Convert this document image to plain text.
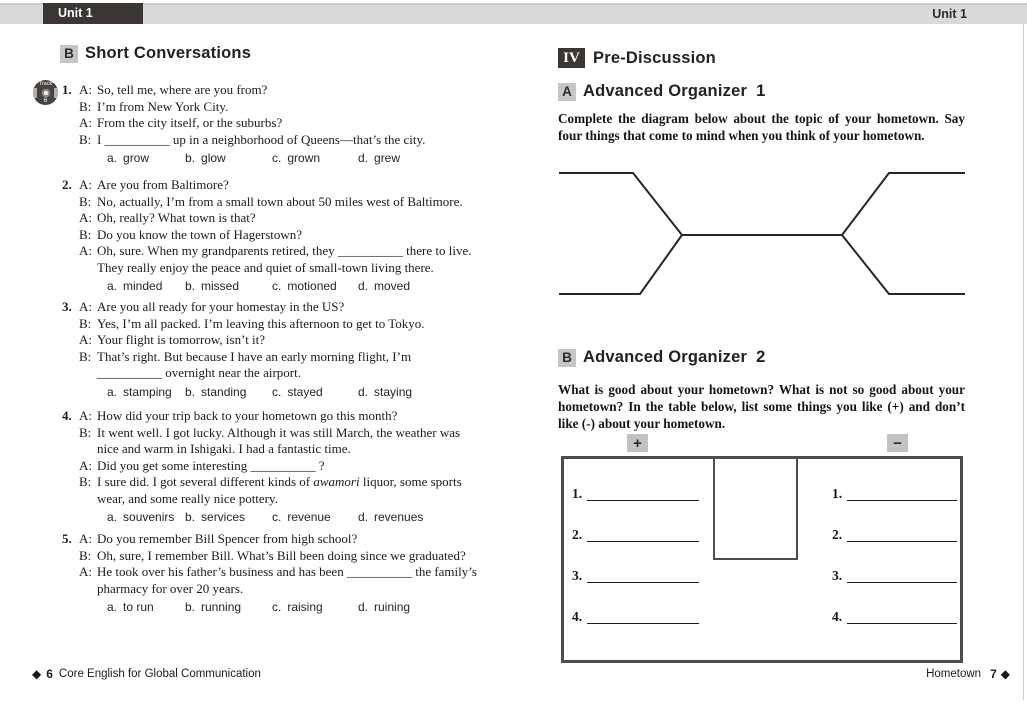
Unit 1	Unit 1
B Short Conversations
Track
6
1. A: So, tell me, where are you from?
B: I’m from New York City.
A: From the city itself, or the suburbs?
B: I __________ up in a neighborhood of Queens—that’s the city.
a. grow	b. glow	c. grown	d. grew
2. A: Are you from Baltimore?
B: No, actually, I’m from a small town about 50 miles west of Baltimore.
A: Oh, really? What town is that?
B: Do you know the town of Hagerstown?
A: Oh, sure. When my grandparents retired, they __________ there to live.
They really enjoy the peace and quiet of small-town living there.
a. minded b. missed	c. motioned d. moved
3. A: Are you all ready for your homestay in the US?
B: Yes, I’m all packed. I’m leaving this afternoon to get to Tokyo.
A: Your flight is tomorrow, isn’t it?
B: That’s right. But because I have an early morning flight, I’m
__________ overnight near the airport.
a. stamping b. standing c. stayed	d. staying
4. A: How did your trip back to your hometown go this month?
B: It went well. I got lucky. Although it was still March, the weather was
nice and warm in Ishigaki. I had a fantastic time.
A: Did you get some interesting __________ ?
B: I sure did. I got several different kinds of awamori liquor, some sports
wear, and some really nice pottery.
a. souvenirs b. services c. revenue d. revenues
5. A: Do you remember Bill Spencer from high school?
B: Oh, sure, I remember Bill. What’s Bill been doing since we graduated?
A: He took over his father’s business and has been __________ the family’s
pharmacy for over 20 years.
a. to run	b. running	c. raising	d. ruining
IV Pre-Discussion
A Advanced Organizer 1
Complete the diagram below about the topic of your hometown. Say four things that come to mind when you think of your hometown.
B Advanced Organizer 2
What is good about your hometown? What is not so good about your hometown? In the table below, list some things you like (+) and don’t like (-) about your hometown.
+	−
1.
2.
3.
4.
1.
2.
3.
4.
◆ 6 Core English for Global Communication	Hometown 7 ◆
